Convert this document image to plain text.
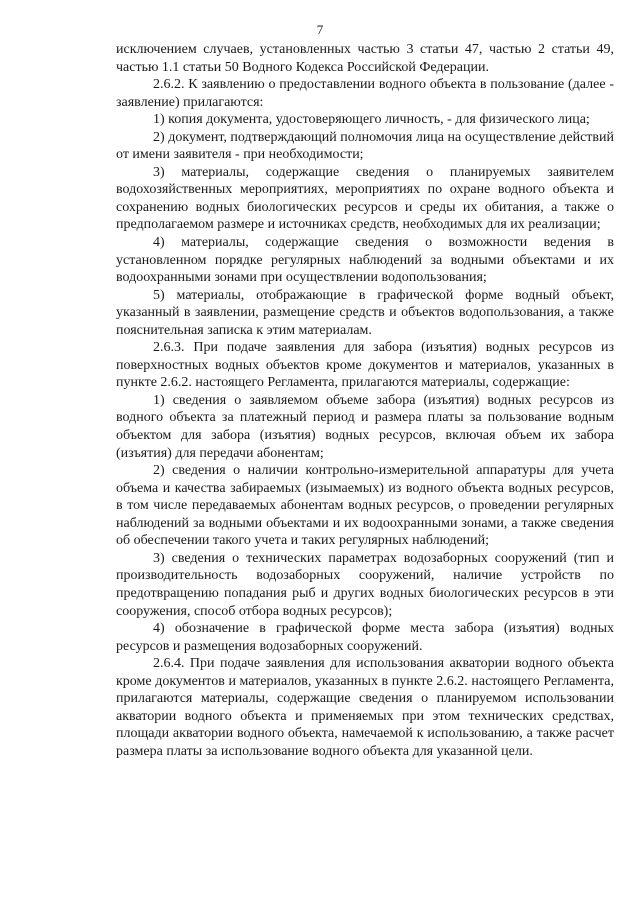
7

исключением случаев, установленных частью 3 статьи 47, частью 2 статьи 49, частью 1.1 статьи 50 Водного Кодекса Российской Федерации.

2.6.2. К заявлению о предоставлении водного объекта в пользование (далее - заявление) прилагаются:

1) копия документа, удостоверяющего личность, - для физического лица;

2) документ, подтверждающий полномочия лица на осуществление действий от имени заявителя - при необходимости;

3) материалы, содержащие сведения о планируемых заявителем водохозяйственных мероприятиях, мероприятиях по охране водного объекта и сохранению водных биологических ресурсов и среды их обитания, а также о предполагаемом размере и источниках средств, необходимых для их реализации;

4) материалы, содержащие сведения о возможности ведения в установленном порядке регулярных наблюдений за водными объектами и их водоохранными зонами при осуществлении водопользования;

5) материалы, отображающие в графической форме водный объект, указанный в заявлении, размещение средств и объектов водопользования, а также пояснительная записка к этим материалам.

2.6.3. При подаче заявления для забора (изъятия) водных ресурсов из поверхностных водных объектов кроме документов и материалов, указанных в пункте 2.6.2. настоящего Регламента, прилагаются материалы, содержащие:

1) сведения о заявляемом объеме забора (изъятия) водных ресурсов из водного объекта за платежный период и размера платы за пользование водным объектом для забора (изъятия) водных ресурсов, включая объем их забора (изъятия) для передачи абонентам;

2) сведения о наличии контрольно-измерительной аппаратуры для учета объема и качества забираемых (изымаемых) из водного объекта водных ресурсов, в том числе передаваемых абонентам водных ресурсов, о проведении регулярных наблюдений за водными объектами и их водоохранными зонами, а также сведения об обеспечении такого учета и таких регулярных наблюдений;

3) сведения о технических параметрах водозаборных сооружений (тип и производительность водозаборных сооружений, наличие устройств по предотвращению попадания рыб и других водных биологических ресурсов в эти сооружения, способ отбора водных ресурсов);

4) обозначение в графической форме места забора (изъятия) водных ресурсов и размещения водозаборных сооружений.

2.6.4. При подаче заявления для использования акватории водного объекта кроме документов и материалов, указанных в пункте 2.6.2. настоящего Регламента, прилагаются материалы, содержащие сведения о планируемом использовании акватории водного объекта и применяемых при этом технических средствах, площади акватории водного объекта, намечаемой к использованию, а также расчет размера платы за использование водного объекта для указанной цели.
